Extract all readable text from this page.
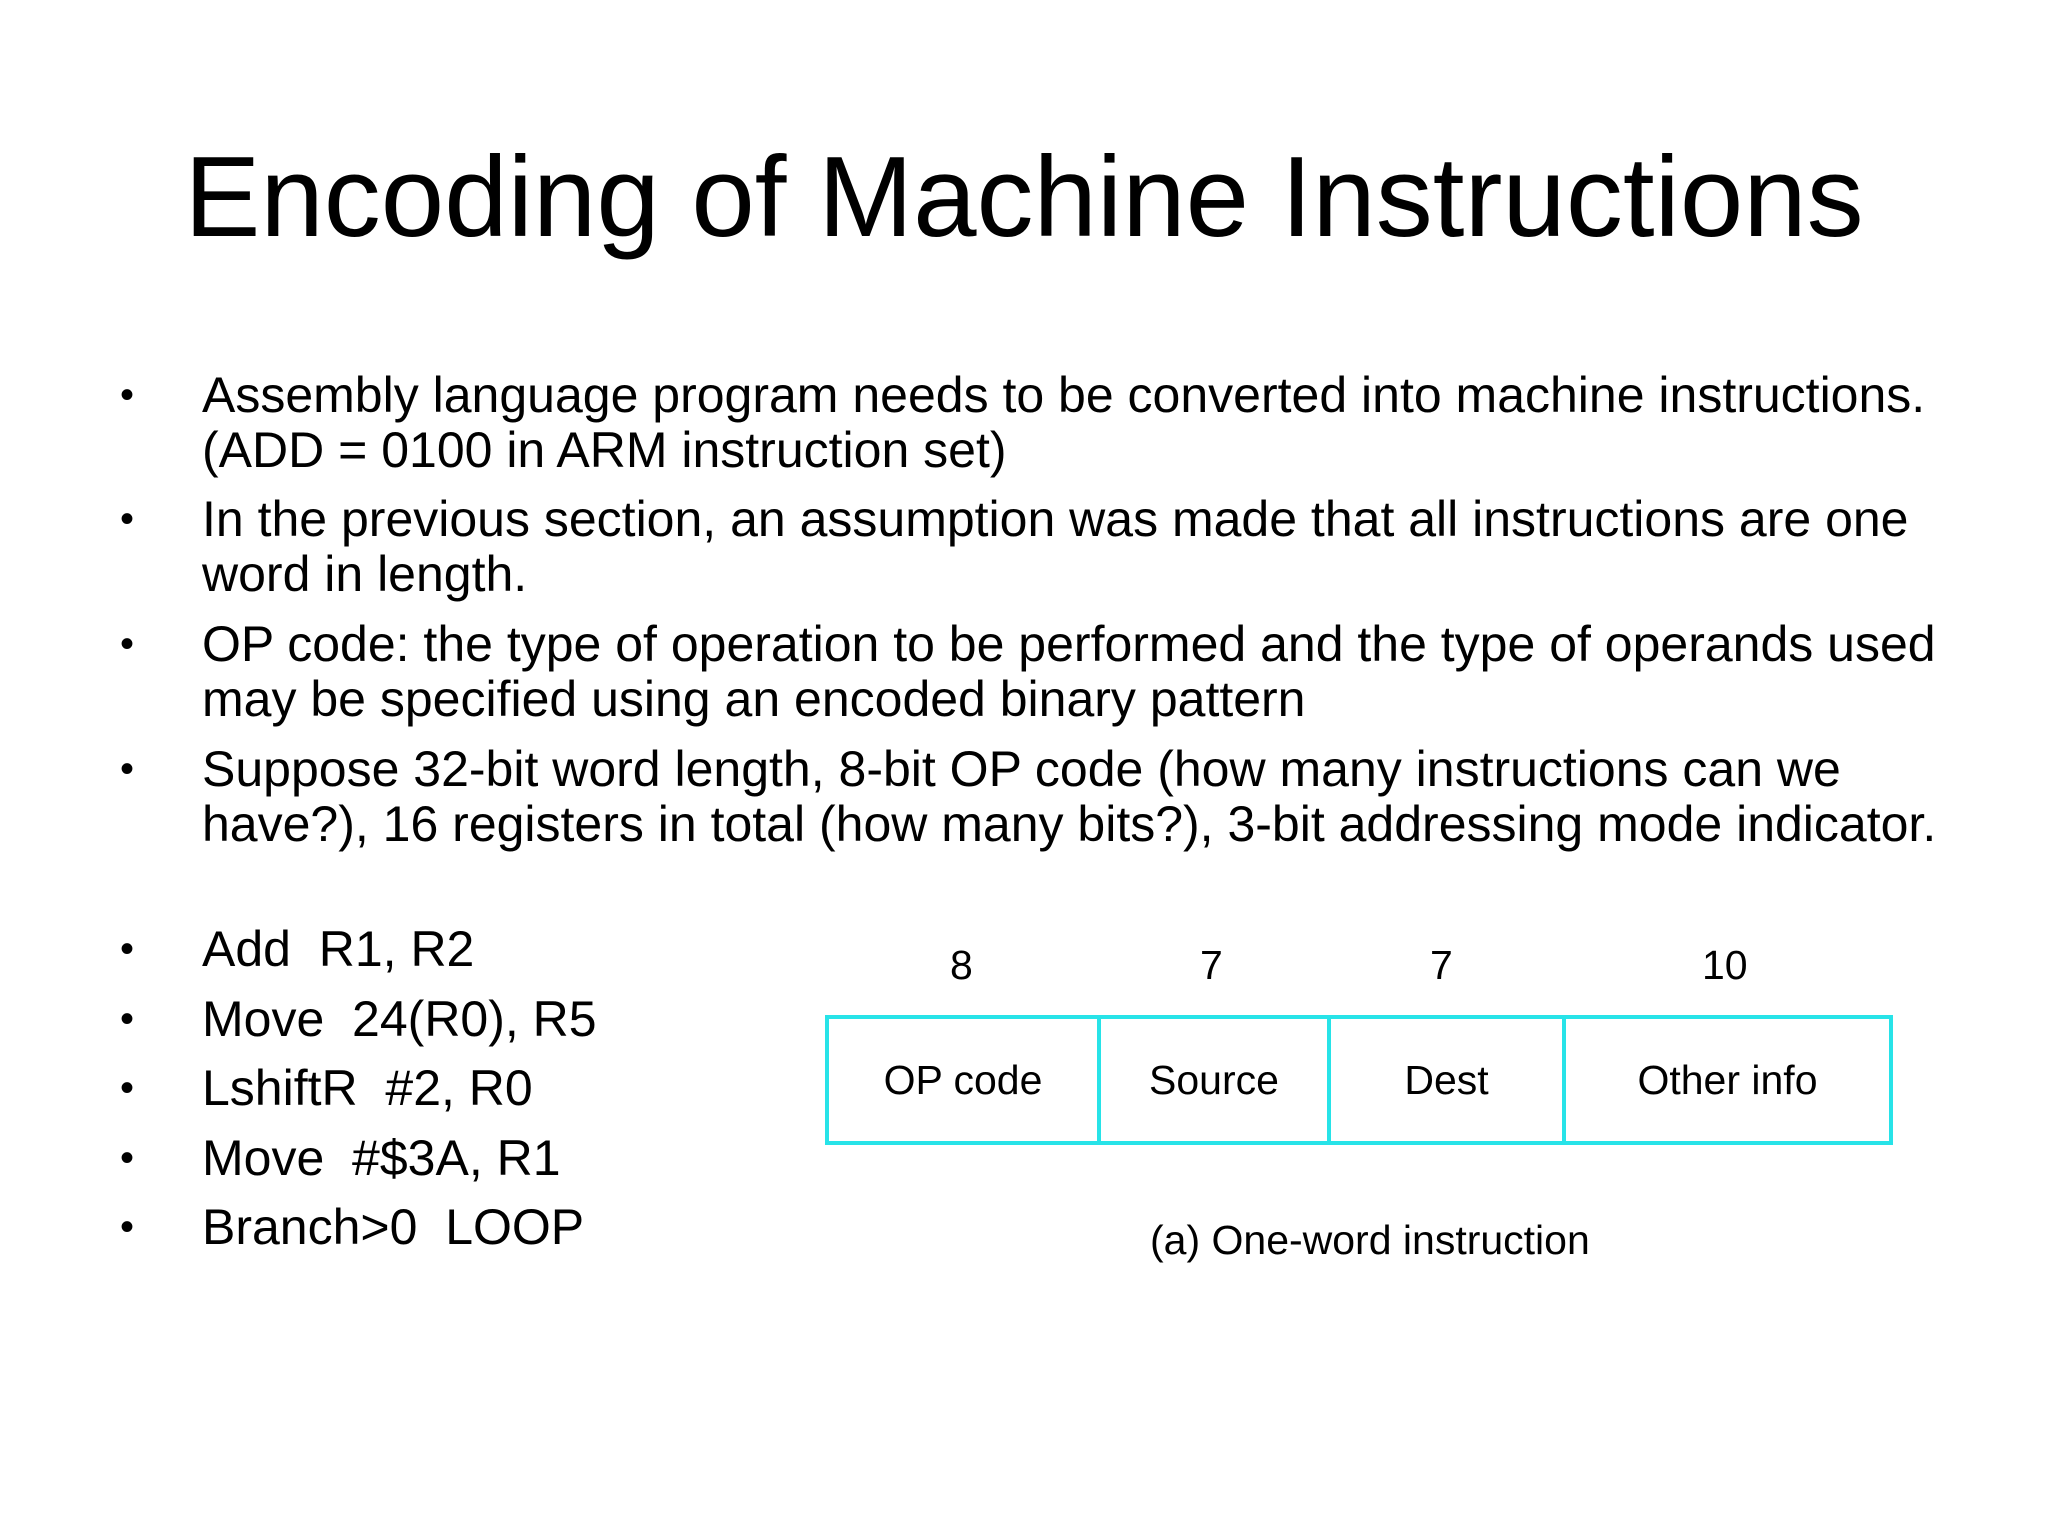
Encoding of Machine Instructions
•	Assembly language program needs to be converted into machine instructions. (ADD = 0100 in ARM instruction set)
•	In the previous section, an assumption was made that all instructions are one word in length.
•	OP code: the type of operation to be performed and the type of operands used may be specified using an encoded binary pattern
•	Suppose 32-bit word length, 8-bit OP code (how many instructions can we have?), 16 registers in total (how many bits?), 3-bit addressing mode indicator.
•	Add  R1, R2
•	Move  24(R0), R5
•	LshiftR  #2, R0
•	Move  #$3A, R1
•	Branch>0  LOOP
8	7	7	10
OP code	Source	Dest	Other info
(a) One-word instruction
